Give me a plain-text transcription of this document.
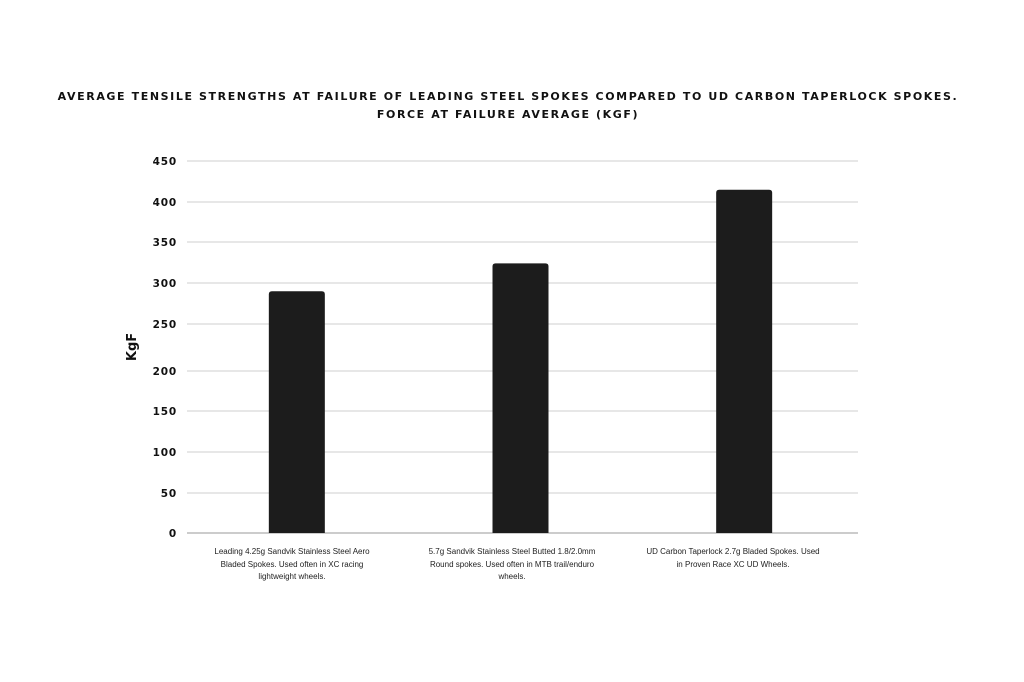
AVERAGE TENSILE STRENGTHS AT FAILURE OF LEADING STEEL SPOKES COMPARED TO UD CARBON TAPERLOCK SPOKES.
FORCE AT FAILURE AVERAGE (KGF)
0
50
100
150
200
250
300
350
400
450
KgF
Leading 4.25g Sandvik Stainless Steel Aero Bladed Spokes. Used often in XC racing lightweight wheels.
5.7g Sandvik Stainless Steel Butted 1.8/2.0mm Round spokes. Used often in MTB trail/enduro wheels.
UD Carbon Taperlock 2.7g Bladed Spokes. Used in Proven Race XC UD Wheels.
